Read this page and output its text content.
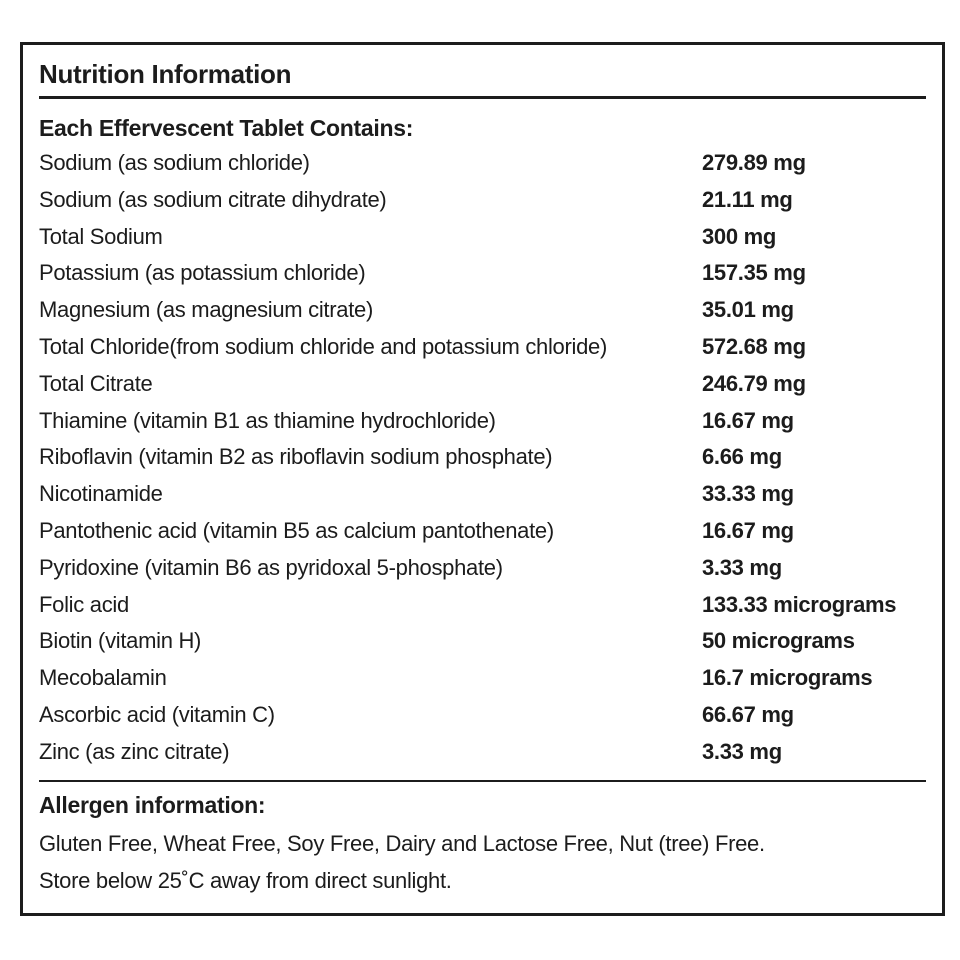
Nutrition Information
Each Effervescent Tablet Contains:
Sodium (as sodium chloride)	279.89 mg
Sodium (as sodium citrate dihydrate)	21.11 mg
Total Sodium	300 mg
Potassium (as potassium chloride)	157.35 mg
Magnesium (as magnesium citrate)	35.01 mg
Total Chloride(from sodium chloride and potassium chloride)	572.68 mg
Total Citrate	246.79 mg
Thiamine (vitamin B1 as thiamine hydrochloride)	16.67 mg
Riboflavin (vitamin B2 as riboflavin sodium phosphate)	6.66 mg
Nicotinamide	33.33 mg
Pantothenic acid (vitamin B5 as calcium pantothenate)	16.67 mg
Pyridoxine (vitamin B6 as pyridoxal 5-phosphate)	3.33 mg
Folic acid	133.33 micrograms
Biotin (vitamin H)	50 micrograms
Mecobalamin	16.7 micrograms
Ascorbic acid (vitamin C)	66.67 mg
Zinc (as zinc citrate)	3.33 mg
Allergen information:

Gluten Free, Wheat Free, Soy Free, Dairy and Lactose Free, Nut (tree) Free.

Store below 25˚C away from direct sunlight.
